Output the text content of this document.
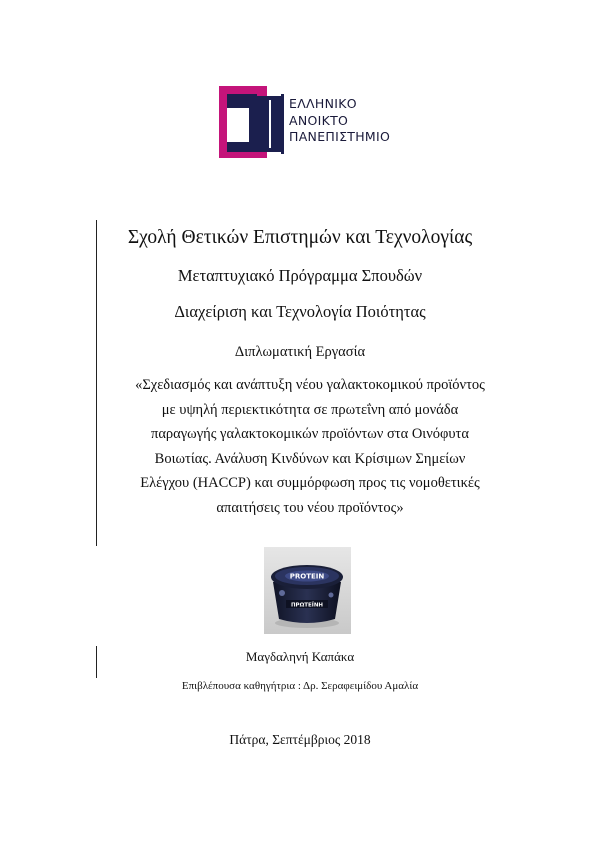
ΕΛΛΗΝΙΚΟ
ΑΝΟΙΚΤΟ
ΠΑΝΕΠΙΣΤΗΜΙΟ
Σχολή Θετικών Επιστημών και Τεχνολογίας
Μεταπτυχιακό Πρόγραμμα Σπουδών
Διαχείριση και Τεχνολογία Ποιότητας
Διπλωματική Εργασία
«Σχεδιασμός και ανάπτυξη νέου γαλακτοκομικού προϊόντος
με υψηλή περιεκτικότητα σε πρωτεΐνη από μονάδα
παραγωγής γαλακτοκομικών προϊόντων στα Οινόφυτα
Βοιωτίας. Ανάλυση Κινδύνων και Κρίσιμων Σημείων
Ελέγχου (HACCP) και συμμόρφωση προς τις νομοθετικές
απαιτήσεις του νέου προϊόντος»
PROTEIN
ΠΡΩΤΕΪΝΗ
Μαγδαληνή Καπάκα
Επιβλέπουσα καθηγήτρια : Δρ. Σεραφειμίδου Αμαλία
Πάτρα, Σεπτέμβριος 2018
